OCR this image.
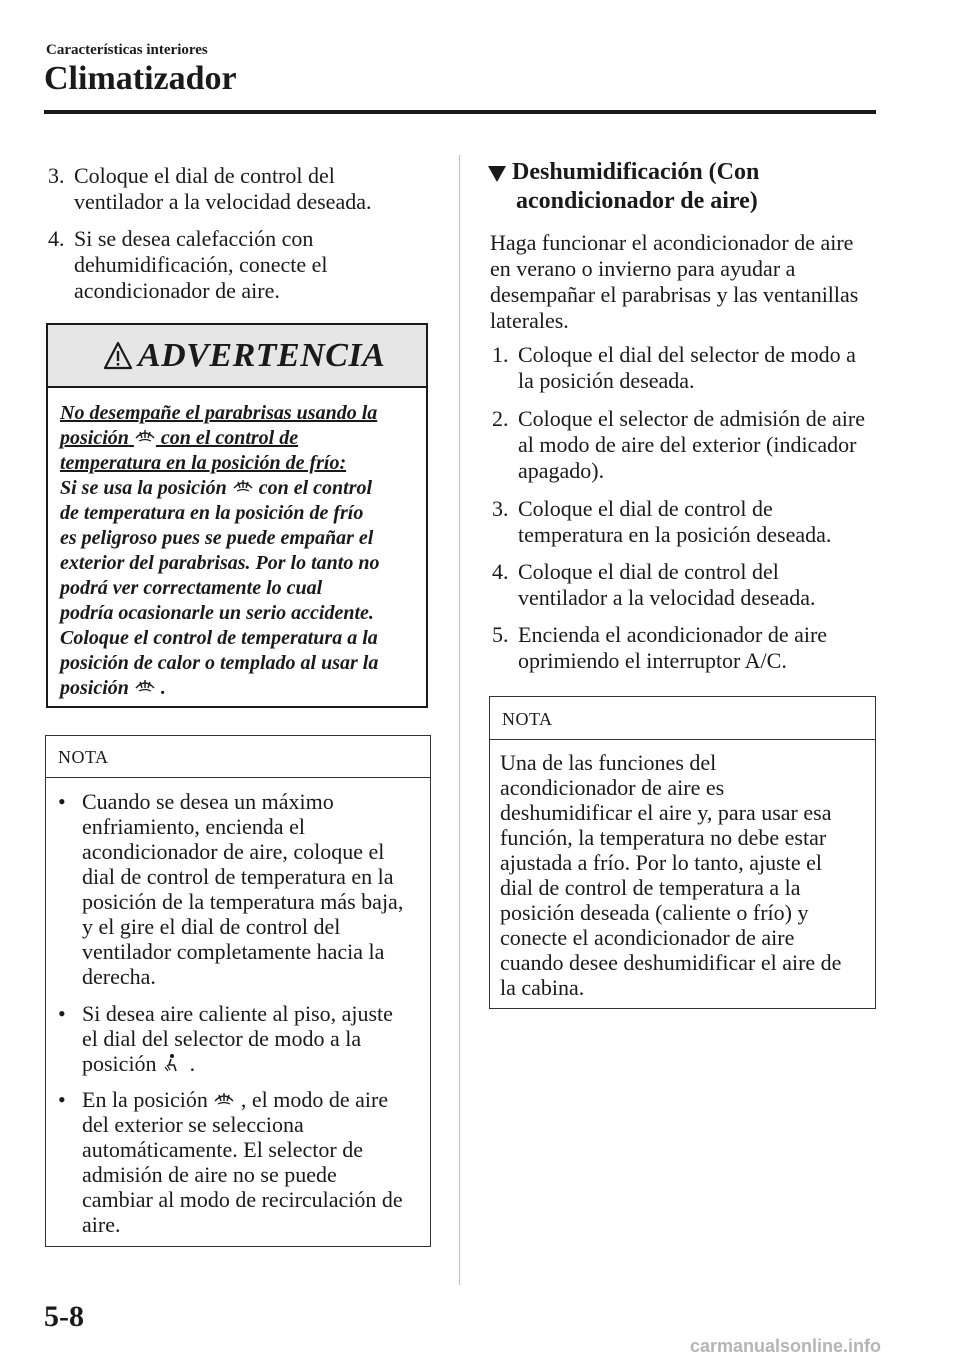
Características interiores
Climatizador
3. Coloque el dial de control del
ventilador a la velocidad deseada.
4. Si se desea calefacción con
dehumidificación, conecte el
acondicionador de aire.
ADVERTENCIA
No desempañe el parabrisas usando la
posición  con el control de
temperatura en la posición de frío:
Si se usa la posición  con el control
de temperatura en la posición de frío
es peligroso pues se puede empañar el
exterior del parabrisas. Por lo tanto no
podrá ver correctamente lo cual
podría ocasionarle un serio accidente.
Coloque el control de temperatura a la
posición de calor o templado al usar la
posición  .
NOTA
• Cuando se desea un máximo
enfriamiento, encienda el
acondicionador de aire, coloque el
dial de control de temperatura en la
posición de la temperatura más baja,
y el gire el dial de control del
ventilador completamente hacia la
derecha.
• Si desea aire caliente al piso, ajuste
el dial del selector de modo a la
posición  .
• En la posición  , el modo de aire
del exterior se selecciona
automáticamente. El selector de
admisión de aire no se puede
cambiar al modo de recirculación de
aire.
Deshumidificación (Con
acondicionador de aire)
Haga funcionar el acondicionador de aire
en verano o invierno para ayudar a
desempañar el parabrisas y las ventanillas
laterales.
1. Coloque el dial del selector de modo a
la posición deseada.
2. Coloque el selector de admisión de aire
al modo de aire del exterior (indicador
apagado).
3. Coloque el dial de control de
temperatura en la posición deseada.
4. Coloque el dial de control del
ventilador a la velocidad deseada.
5. Encienda el acondicionador de aire
oprimiendo el interruptor A/C.
NOTA
Una de las funciones del
acondicionador de aire es
deshumidificar el aire y, para usar esa
función, la temperatura no debe estar
ajustada a frío. Por lo tanto, ajuste el
dial de control de temperatura a la
posición deseada (caliente o frío) y
conecte el acondicionador de aire
cuando desee deshumidificar el aire de
la cabina.
5-8
carmanualsonline.info
